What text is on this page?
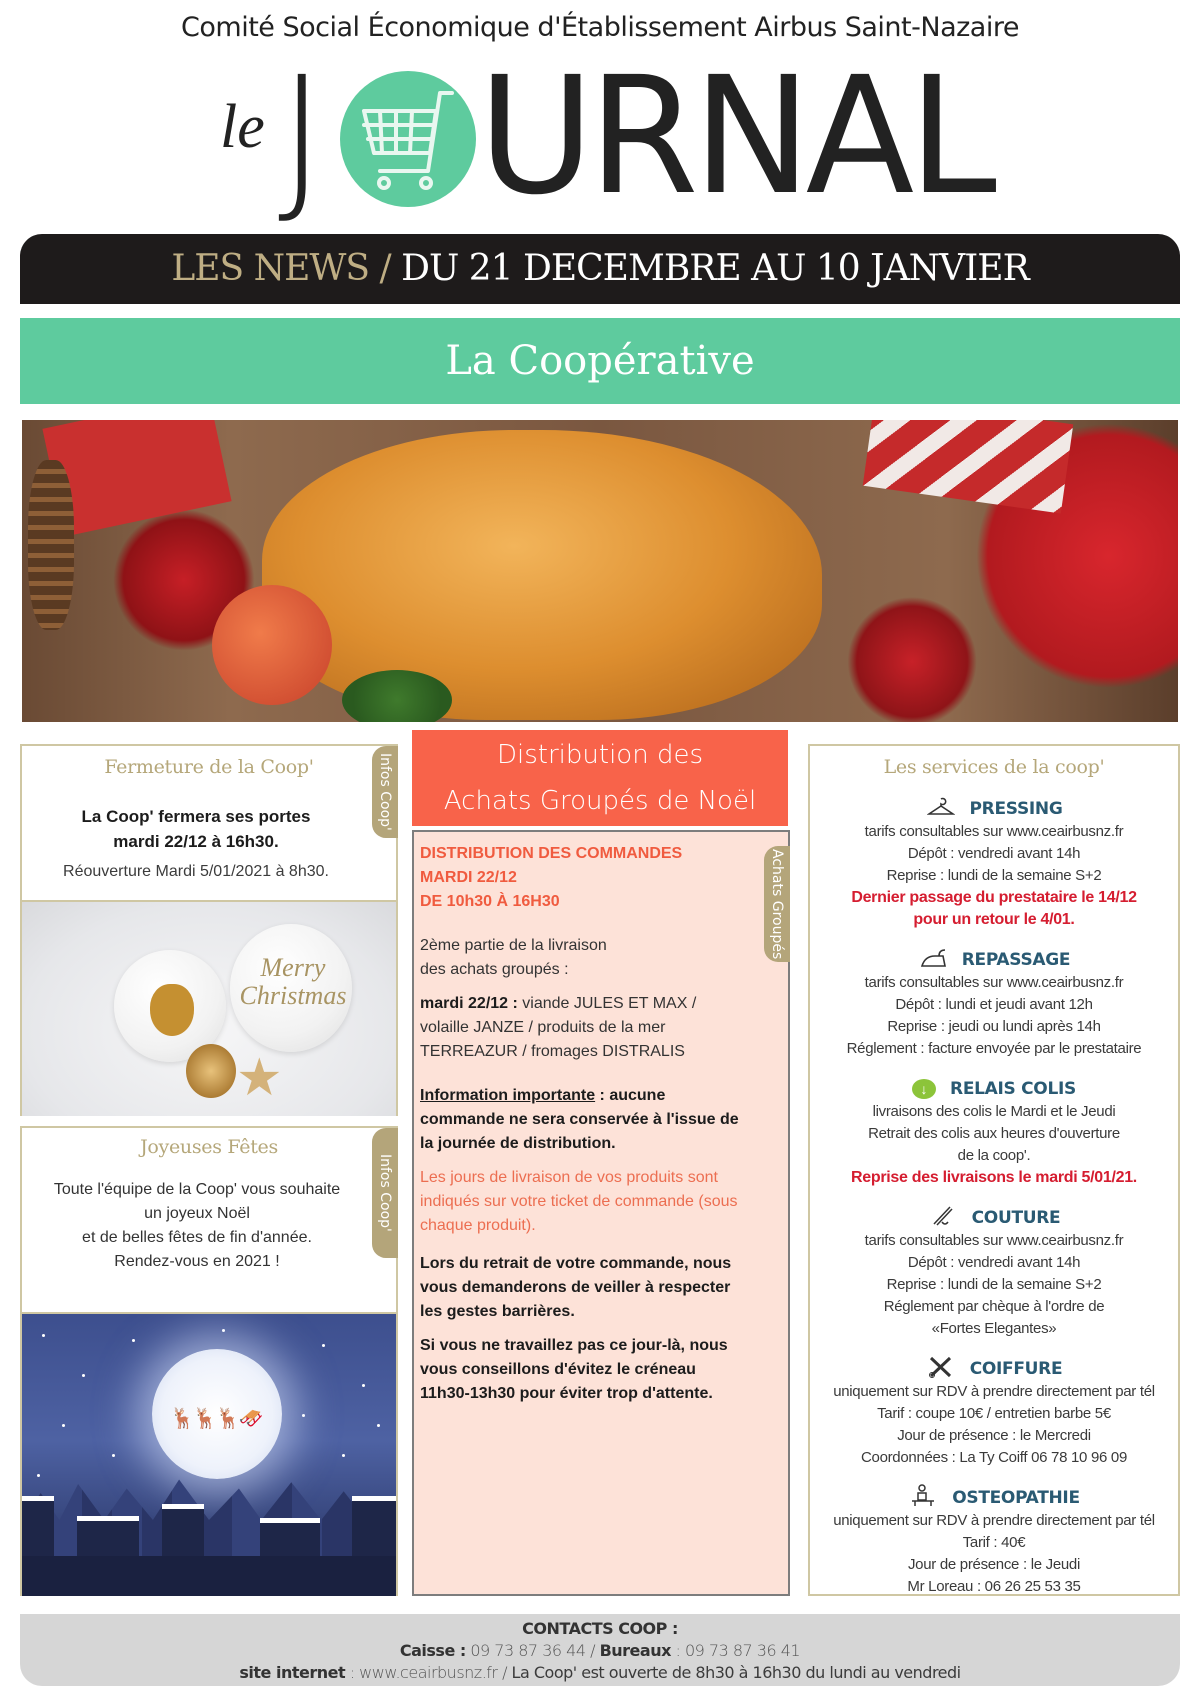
Comité Social Économique d'Établissement Airbus Saint-Nazaire
le J URNAL
LES NEWS / DU 21 DECEMBRE AU 10 JANVIER
La Coopérative
Fermeture de la Coop'	Infos Coop'
La Coop' fermera ses portes
mardi 22/12 à 16h30.
Réouverture Mardi 5/01/2021 à 8h30.
Merry Christmas
★
Joyeuses Fêtes
Infos Coop'
Toute l'équipe de la Coop' vous souhaite
un joyeux Noël
et de belles fêtes de fin d'année.
Rendez-vous en 2021 !
🦌🦌🦌🛷
Distribution des
Achats Groupés de Noël
Achats Groupés

DISTRIBUTION DES COMMANDES
MARDI 22/12
DE 10h30 À 16H30

2ème partie de la livraison des achats groupés :

mardi 22/12 : viande JULES ET MAX / volaille JANZE / produits de la mer TERREAZUR / fromages DISTRALIS

Information importante : aucune commande ne sera conservée à l'issue de la journée de distribution.

Les jours de livraison de vos produits sont indiqués sur votre ticket de commande (sous chaque produit).

Lors du retrait de votre commande, nous vous demanderons de veiller à respecter les gestes barrières.

Si vous ne travaillez pas ce jour-là, nous vous conseillons d'évitez le créneau 11h30-13h30 pour éviter trop d'attente.

Les services de la coop'
PRESSING
tarifs consultables sur www.ceairbusnz.fr
Dépôt : vendredi avant 14h
Reprise : lundi de la semaine S+2
Dernier passage du prestataire le 14/12
pour un retour le 4/01.
REPASSAGE
tarifs consultables sur www.ceairbusnz.fr
Dépôt : lundi et jeudi avant 12h
Reprise : jeudi ou lundi après 14h
Réglement : facture envoyée par le prestataire
↓	RELAIS COLIS
livraisons des colis le Mardi et le Jeudi
Retrait des colis aux heures d'ouverture
de la coop'.
Reprise des livraisons le mardi 5/01/21.
COUTURE
tarifs consultables sur www.ceairbusnz.fr
Dépôt : vendredi avant 14h
Reprise : lundi de la semaine S+2
Réglement par chèque à l'ordre de
«Fortes Elegantes»
COIFFURE
uniquement sur RDV à prendre directement par tél
Tarif : coupe 10€ / entretien barbe 5€
Jour de présence : le Mercredi
Coordonnées : La Ty Coiff 06 78 10 96 09
OSTEOPATHIE
uniquement sur RDV à prendre directement par tél
Tarif : 40€
Jour de présence : le Jeudi
Mr Loreau : 06 26 25 53 35
CONTACTS COOP :
Caisse : 09 73 87 36 44 / Bureaux : 09 73 87 36 41
site internet : www.ceairbusnz.fr / La Coop' est ouverte de 8h30 à 16h30 du lundi au vendredi
